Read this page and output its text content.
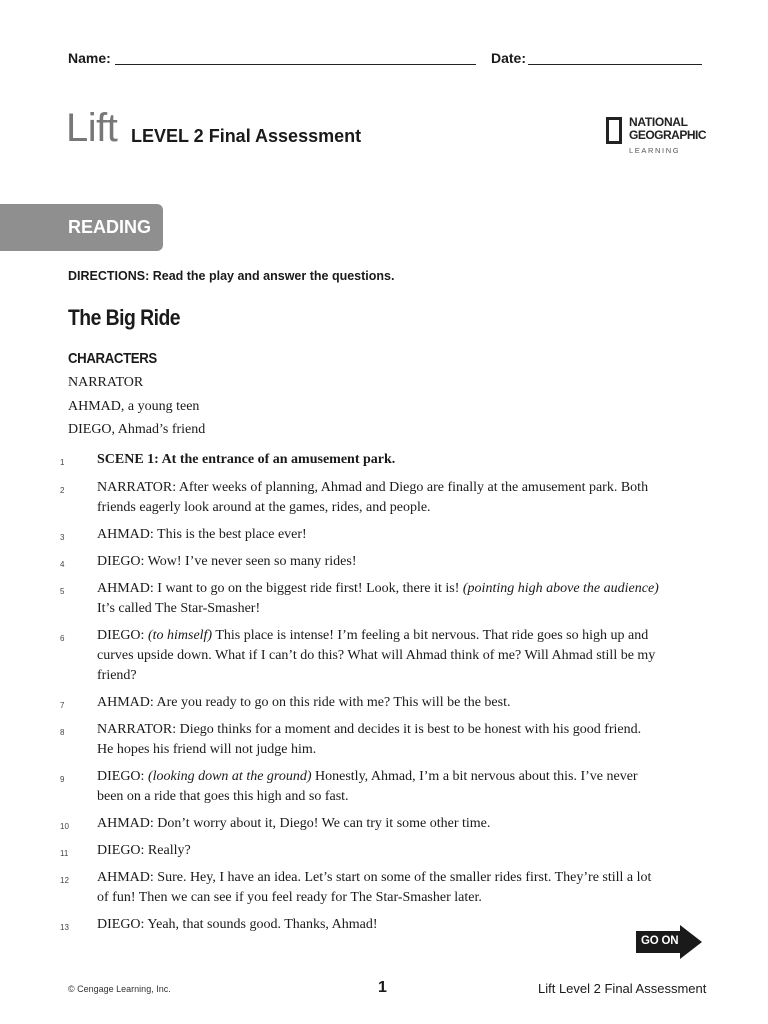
Name:	Date:
Lift LEVEL 2 Final Assessment
NATIONAL
GEOGRAPHIC
LEARNING
READING
DIRECTIONS: Read the play and answer the questions.
The Big Ride
CHARACTERS
NARRATOR
AHMAD, a young teen
DIEGO, Ahmad’s friend
1	SCENE 1: At the entrance of an amusement park.
2	NARRATOR: After weeks of planning, Ahmad and Diego are finally at the amusement park. Both friends eagerly look around at the games, rides, and people.
3	AHMAD: This is the best place ever!
4	DIEGO: Wow! I’ve never seen so many rides!
5	AHMAD: I want to go on the biggest ride first! Look, there it is! (pointing high above the audience) It’s called The Star-Smasher!
6	DIEGO: (to himself) This place is intense! I’m feeling a bit nervous. That ride goes so high up and curves upside down. What if I can’t do this? What will Ahmad think of me? Will Ahmad still be my friend?
7	AHMAD: Are you ready to go on this ride with me? This will be the best.
8	NARRATOR: Diego thinks for a moment and decides it is best to be honest with his good friend. He hopes his friend will not judge him.
9	DIEGO: (looking down at the ground) Honestly, Ahmad, I’m a bit nervous about this. I’ve never been on a ride that goes this high and so fast.
10	AHMAD: Don’t worry about it, Diego! We can try it some other time.
11	DIEGO: Really?
12	AHMAD: Sure. Hey, I have an idea. Let’s start on some of the smaller rides first. They’re still a lot of fun! Then we can see if you feel ready for The Star-Smasher later.
13	DIEGO: Yeah, that sounds good. Thanks, Ahmad!
GO ON
© Cengage Learning, Inc.	1	Lift Level 2 Final Assessment
